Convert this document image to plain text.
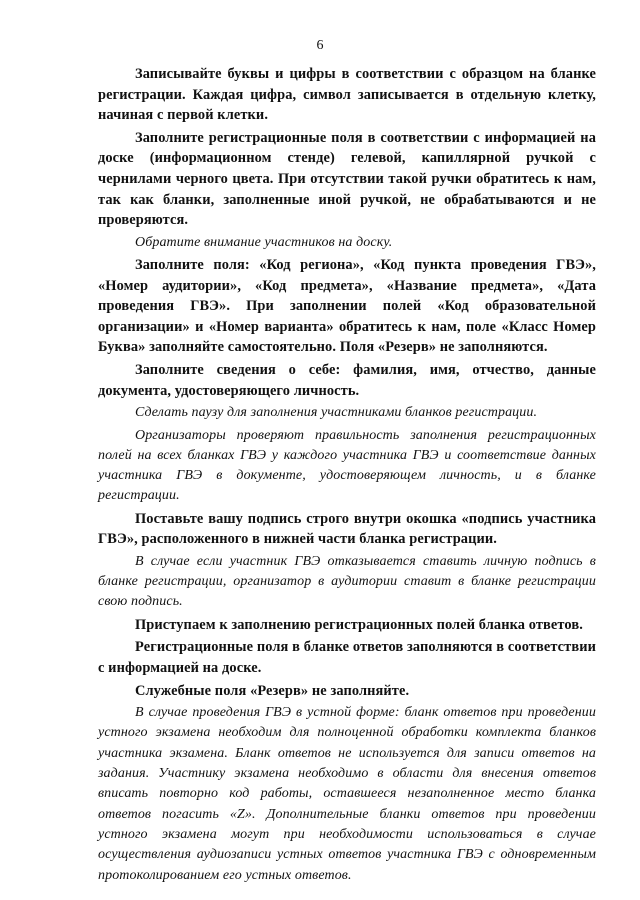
6

Записывайте буквы и цифры в соответствии с образцом на бланке регистрации. Каждая цифра, символ записывается в отдельную клетку, начиная с первой клетки.

Заполните регистрационные поля в соответствии с информацией на доске (информационном стенде) гелевой, капиллярной ручкой с чернилами черного цвета. При отсутствии такой ручки обратитесь к нам, так как бланки, заполненные иной ручкой, не обрабатываются и не проверяются.

Обратите внимание участников на доску.

Заполните поля: «Код региона», «Код пункта проведения ГВЭ», «Номер аудитории», «Код предмета», «Название предмета», «Дата проведения ГВЭ». При заполнении полей «Код образовательной организации» и «Номер варианта» обратитесь к нам, поле «Класс Номер Буква» заполняйте самостоятельно. Поля «Резерв» не заполняются.

Заполните сведения о себе: фамилия, имя, отчество, данные документа, удостоверяющего личность.

Сделать паузу для заполнения участниками бланков регистрации.

Организаторы проверяют правильность заполнения регистрационных полей на всех бланках ГВЭ у каждого участника ГВЭ и соответствие данных участника ГВЭ в документе, удостоверяющем личность, и в бланке регистрации.

Поставьте вашу подпись строго внутри окошка «подпись участника ГВЭ», расположенного в нижней части бланка регистрации.

В случае если участник ГВЭ отказывается ставить личную подпись в бланке регистрации, организатор в аудитории ставит в бланке регистрации свою подпись.

Приступаем к заполнению регистрационных полей бланка ответов.

Регистрационные поля в бланке ответов заполняются в соответствии с информацией на доске.

Служебные поля «Резерв» не заполняйте.

В случае проведения ГВЭ в устной форме: бланк ответов при проведении устного экзамена необходим для полноценной обработки комплекта бланков участника экзамена. Бланк ответов не используется для записи ответов на задания. Участнику экзамена необходимо в области для внесения ответов вписать повторно код работы, оставшееся незаполненное место бланка ответов погасить «Z». Дополнительные бланки ответов при проведении устного экзамена могут при необходимости использоваться в случае осуществления аудиозаписи устных ответов участника ГВЭ с одновременным протоколированием его устных ответов.
